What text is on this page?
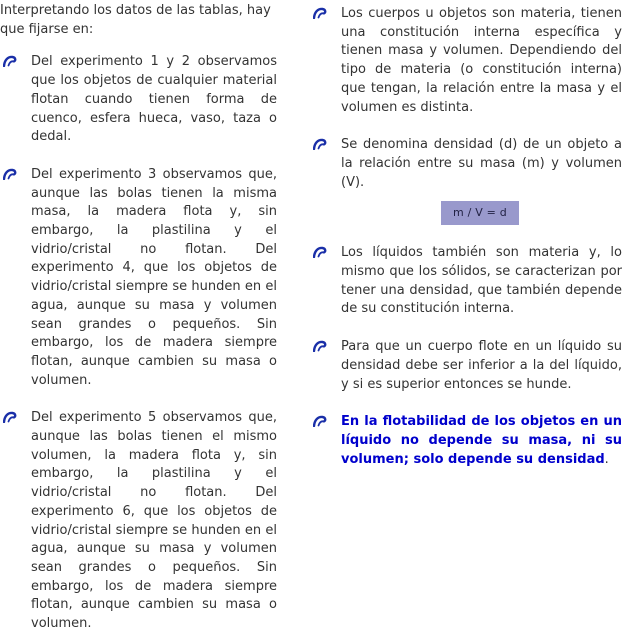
Interpretando los datos de las tablas, hay que fijarse en:

Del experimento 1 y 2 observamos que los objetos de cualquier material flotan cuando tienen forma de cuenco, esfera hueca, vaso, taza o dedal.

Del experimento 3 observamos que, aunque las bolas tienen la misma masa, la madera flota y, sin embargo, la plastilina y el vidrio/cristal no flotan. Del experimento 4, que los objetos de vidrio/cristal siempre se hunden en el agua, aunque su masa y volumen sean grandes o pequeños. Sin embargo, los de madera siempre flotan, aunque cambien su masa o volumen.

Del experimento 5 observamos que, aunque las bolas tienen el mismo volumen, la madera flota y, sin embargo, la plastilina y el vidrio/cristal no flotan. Del experimento 6, que los objetos de vidrio/cristal siempre se hunden en el agua, aunque su masa y volumen sean grandes o pequeños. Sin embargo, los de madera siempre flotan, aunque cambien su masa o volumen.

Los cuerpos u objetos son materia, tienen una constitución interna específica y tienen masa y volumen. Dependiendo del tipo de materia (o constitución interna) que tengan, la relación entre la masa y el volumen es distinta.

Se denomina densidad (d) de un objeto a la relación entre su masa (m) y volumen (V).

m / V = d

Los líquidos también son materia y, lo mismo que los sólidos, se caracterizan por tener una densidad, que también depende de su constitución interna.

Para que un cuerpo flote en un líquido su densidad debe ser inferior a la del líquido, y si es superior entonces se hunde.

En la flotabilidad de los objetos en un líquido no depende su masa, ni su volumen; solo depende su densidad.
